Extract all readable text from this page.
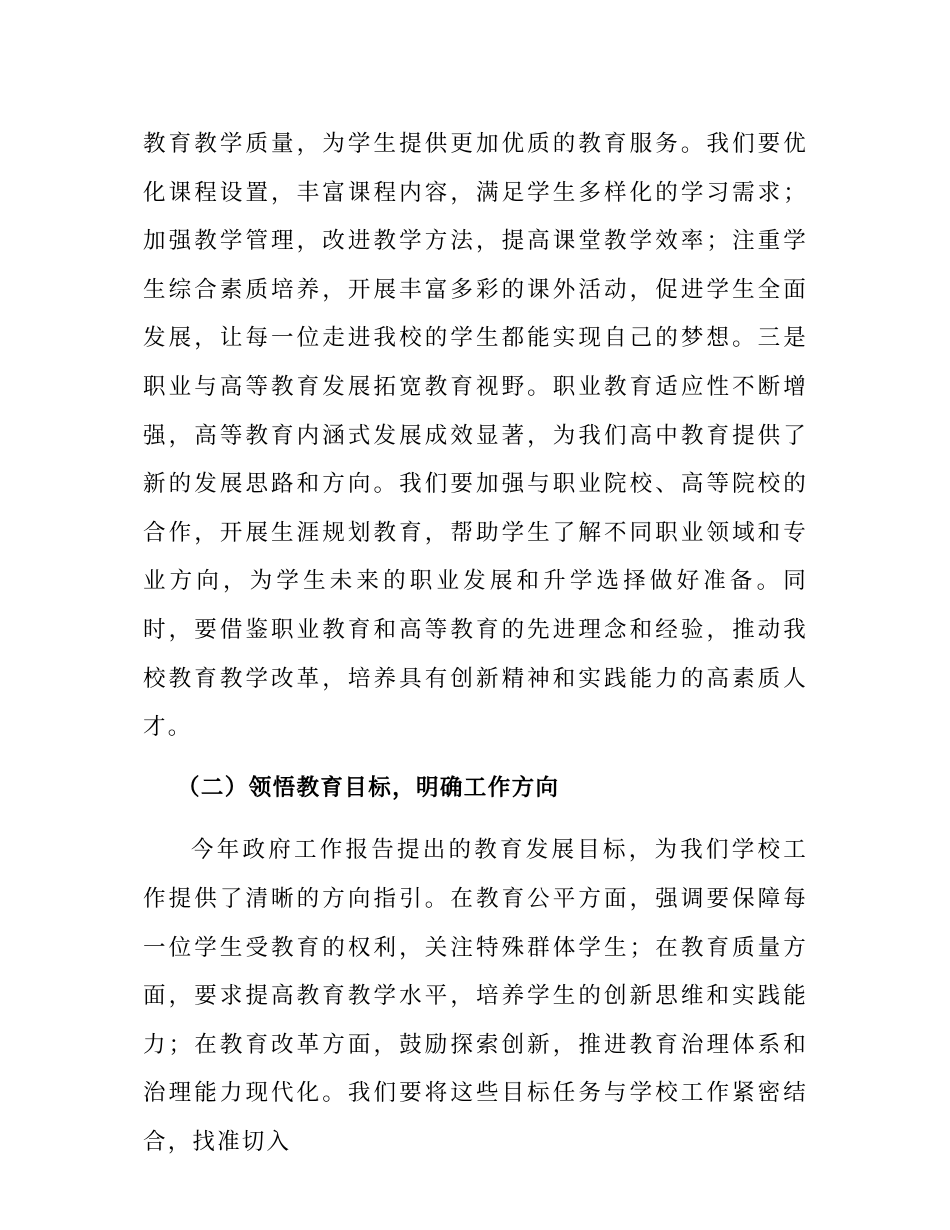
教育教学质量，为学生提供更加优质的教育服务。我们要优化课程设置，丰富课程内容，满足学生多样化的学习需求；加强教学管理，改进教学方法，提高课堂教学效率；注重学生综合素质培养，开展丰富多彩的课外活动，促进学生全面发展，让每一位走进我校的学生都能实现自己的梦想。三是职业与高等教育发展拓宽教育视野。职业教育适应性不断增强，高等教育内涵式发展成效显著，为我们高中教育提供了新的发展思路和方向。我们要加强与职业院校、高等院校的合作，开展生涯规划教育，帮助学生了解不同职业领域和专业方向，为学生未来的职业发展和升学选择做好准备。同时，要借鉴职业教育和高等教育的先进理念和经验，推动我校教育教学改革，培养具有创新精神和实践能力的高素质人才。

（二）领悟教育目标，明确工作方向

今年政府工作报告提出的教育发展目标，为我们学校工作提供了清晰的方向指引。在教育公平方面，强调要保障每一位学生受教育的权利，关注特殊群体学生；在教育质量方面，要求提高教育教学水平，培养学生的创新思维和实践能力；在教育改革方面，鼓励探索创新，推进教育治理体系和治理能力现代化。我们要将这些目标任务与学校工作紧密结合，找准切入
